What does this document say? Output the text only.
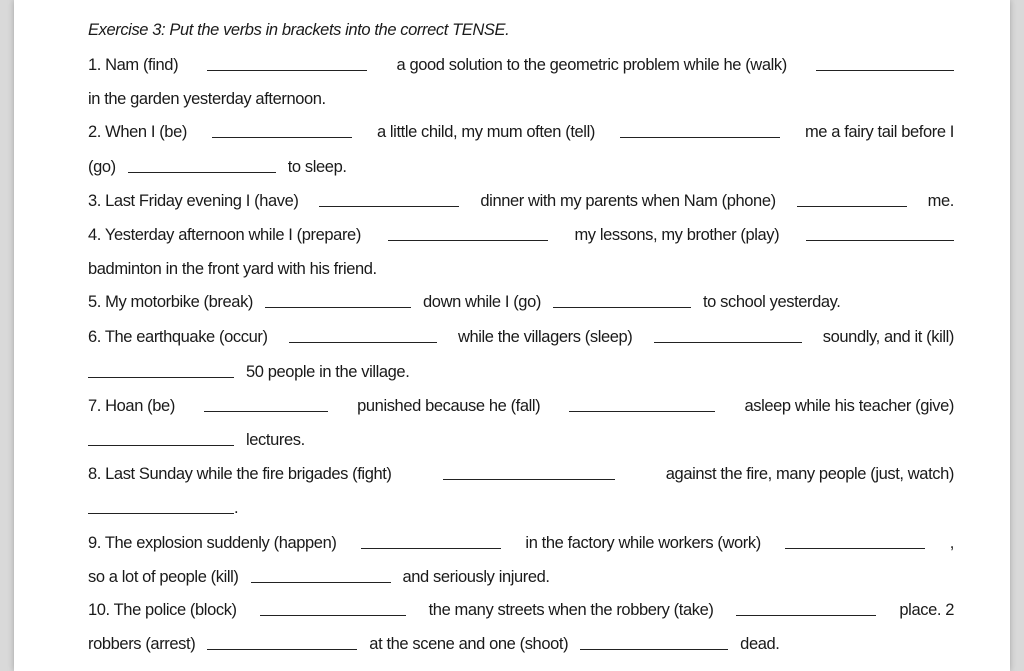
Exercise 3: Put the verbs in brackets into the correct TENSE.
1. Nam (find)	a good solution to the geometric problem while he (walk)
in the garden yesterday afternoon.
2. When I (be)	a little child, my mum often (tell)	me a fairy tail before I
(go)	to sleep.
3. Last Friday evening I (have)	dinner with my parents when Nam (phone)	me.
4. Yesterday afternoon while I (prepare)	my lessons, my brother (play)
badminton in the front yard with his friend.
5. My motorbike (break)	down while I (go)	to school yesterday.
6. The earthquake (occur)	while the villagers (sleep)	soundly, and it (kill)
50 people in the village.
7. Hoan (be)	punished because he (fall)	asleep while his teacher (give)
lectures.
8. Last Sunday while the fire brigades (fight)	against the fire, many people (just, watch)
.
9. The explosion suddenly (happen)	in the factory while workers (work)	,
so a lot of people (kill)	and seriously injured.
10. The police (block)	the many streets when the robbery (take)	place. 2
robbers (arrest)	at the scene and one (shoot)	dead.
